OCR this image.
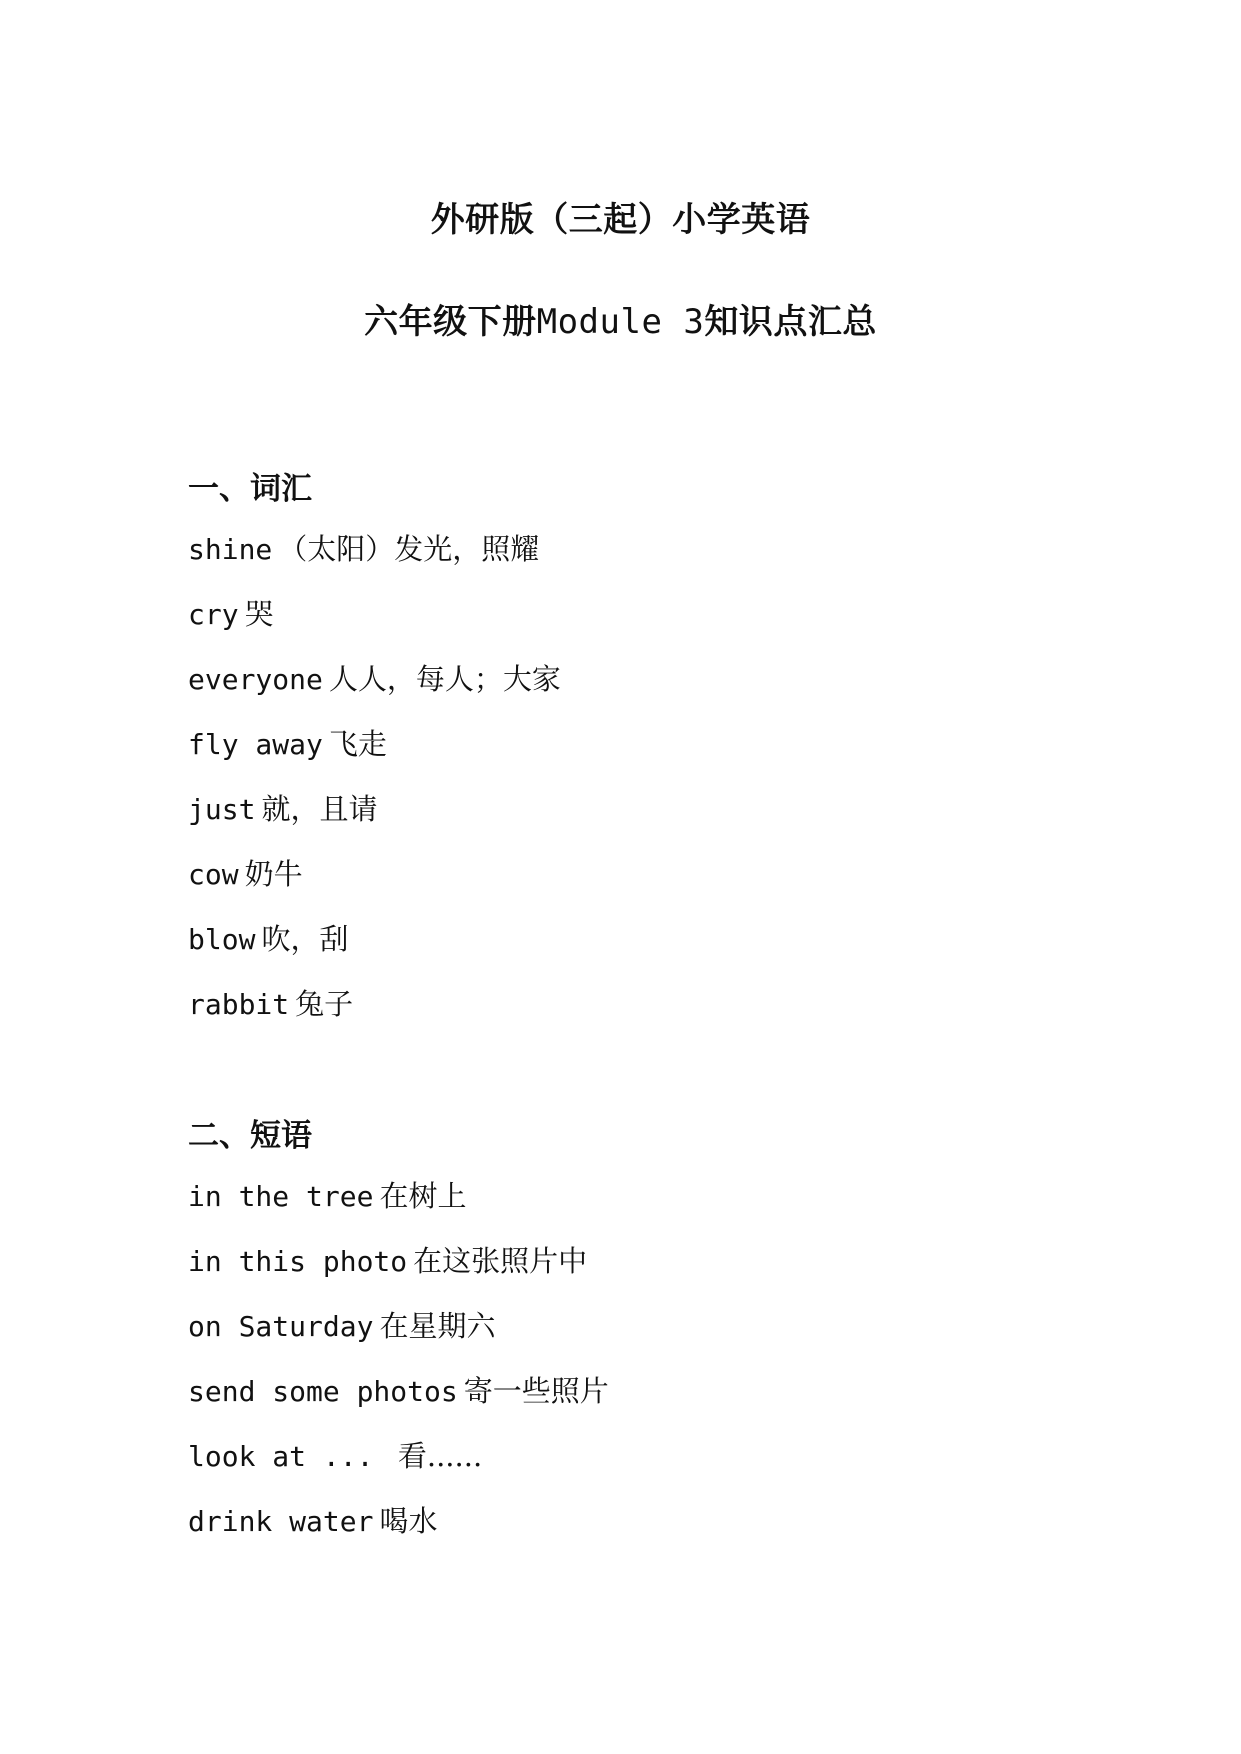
外研版（三起）小学英语
六年级下册Module 3知识点汇总
一、词汇
shine （太阳）发光，照耀
cry 哭
everyone 人人，每人；大家
fly away 飞走
just 就，且请
cow 奶牛
blow 吹，刮
rabbit 兔子
二、短语
in the tree 在树上
in this photo 在这张照片中
on Saturday 在星期六
send some photos 寄一些照片
look at ...  看......
drink water 喝水
